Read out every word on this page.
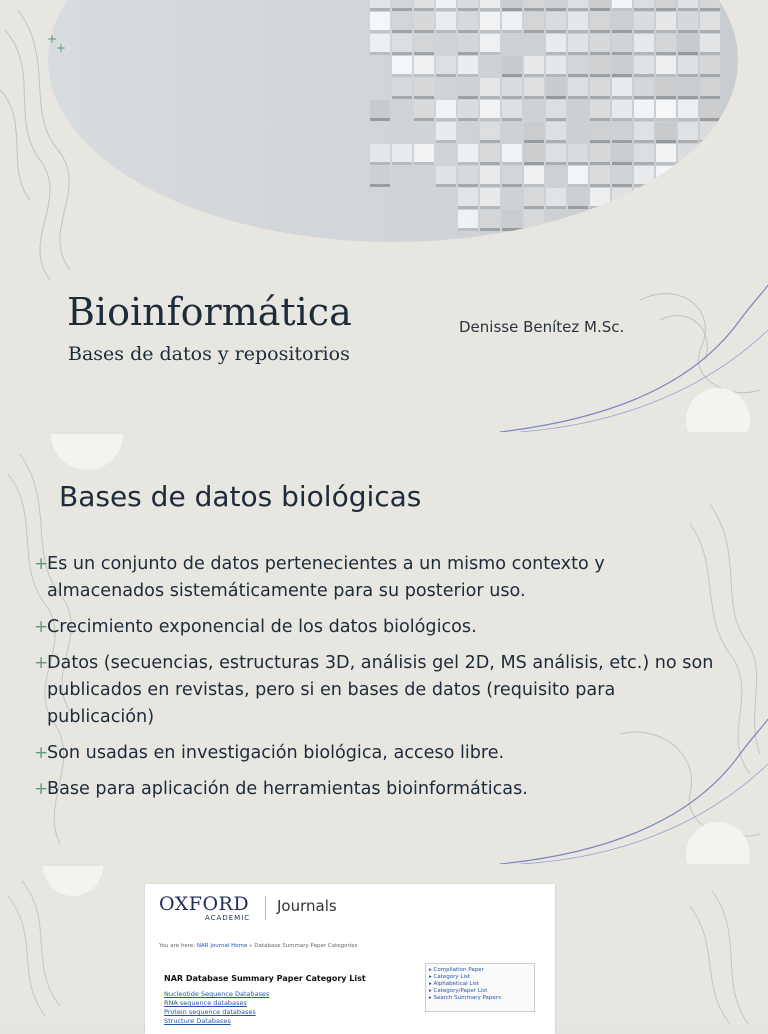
+
+
Bioinformática
Bases de datos y repositorios
Denisse Benítez M.Sc.
Bases de datos biológicas
+
Es un conjunto de datos pertenecientes a un mismo contexto y almacenados sistemáticamente para su posterior uso.
+
Crecimiento exponencial de los datos biológicos.
+
Datos (secuencias, estructuras 3D, análisis gel 2D, MS análisis, etc.) no son publicados en revistas, pero si en bases de datos (requisito para publicación)
+
Son usadas en investigación biológica, acceso libre.
+
Base para aplicación de herramientas bioinformáticas.
OXFORD
ACADEMIC
Journals
You are here: NAR Journal Home » Database Summary Paper Categories
NAR Database Summary Paper Category List
Nucleotide Sequence Databases
RNA sequence databases
Protein sequence databases
Structure Databases
▸ Compilation Paper
▸ Category List
▸ Alphabetical List
▸ Category/Paper List
▸ Search Summary Papers
